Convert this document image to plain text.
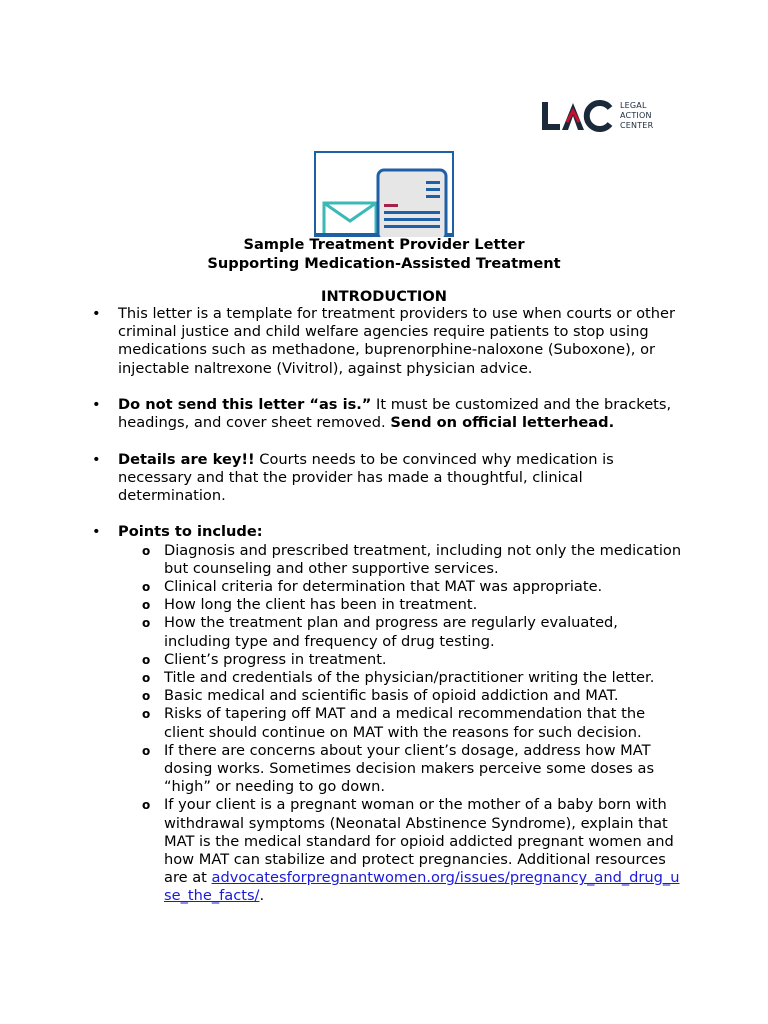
LEGAL
ACTION
CENTER
Sample Treatment Provider Letter
Supporting Medication-Assisted Treatment
INTRODUCTION
•	This letter is a template for treatment providers to use when courts or other criminal justice and child welfare agencies require patients to stop using medications such as methadone, buprenorphine-naloxone (Suboxone), or injectable naltrexone (Vivitrol), against physician advice.
•	Do not send this letter “as is.” It must be customized and the brackets, headings, and cover sheet removed. Send on official letterhead.
•	Details are key!! Courts needs to be convinced why medication is necessary and that the provider has made a thoughtful, clinical determination.
•	Points to include:
o Diagnosis and prescribed treatment, including not only the medication but counseling and other supportive services.
o Clinical criteria for determination that MAT was appropriate.
o How long the client has been in treatment.
o How the treatment plan and progress are regularly evaluated, including type and frequency of drug testing.
o Client’s progress in treatment.
o Title and credentials of the physician/practitioner writing the letter.
o Basic medical and scientific basis of opioid addiction and MAT.
o Risks of tapering off MAT and a medical recommendation that the client should continue on MAT with the reasons for such decision.
o If there are concerns about your client’s dosage, address how MAT dosing works. Sometimes decision makers perceive some doses as “high” or needing to go down.
o If your client is a pregnant woman or the mother of a baby born with withdrawal symptoms (Neonatal Abstinence Syndrome), explain that MAT is the medical standard for opioid addicted pregnant women and how MAT can stabilize and protect pregnancies. Additional resources are at advocatesforpregnantwomen.org/issues/pregnancy_and_drug_use_the_facts/.
